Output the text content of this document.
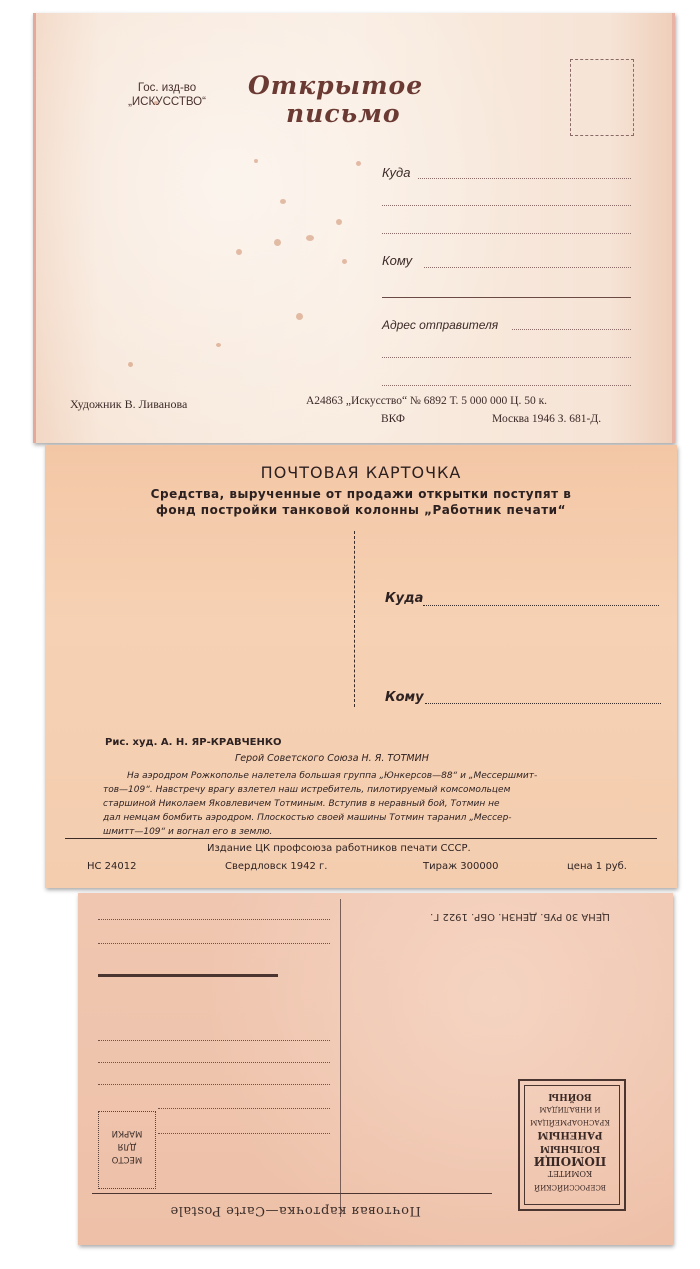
Гос. изд-во
„ИСКУССТВО“
Открытое
письмо
Куда
Кому
Адрес отправителя
Художник В. Ливанова	А24863 „Искусство“ № 6892 Т. 5 000 000 Ц. 50 к.
ВКФ	Москва 1946 З. 681-Д.
ПОЧТОВАЯ КАРТОЧКА
Средства, вырученные от продажи открытки поступят в
фонд постройки танковой колонны „Работник печати“
Куда
Кому
Рис. худ. А. Н. ЯР-КРАВЧЕНКО
Герой Советского Союза Н. Я. ТОТМИН
На аэродром Рожкополье налетела большая группа „Юнкерсов—88“ и „Мессершмит-
тов—109“. Навстречу врагу взлетел наш истребитель, пилотируемый комсомольцем
старшиной Николаем Яковлевичем Тотминым. Вступив в неравный бой, Тотмин не
дал немцам бомбить аэродром. Плоскостью своей машины Тотмин таранил „Мессер-
шмитт—109“ и вогнал его в землю.
Издание ЦК профсоюза работников печати СССР.
НС 24012	Свердловск 1942 г.	Тираж 300000	цена 1 руб.
ЦЕНА 30 РУБ. ДЕНЗН. ОБР. 1922 Г.
МЕСТО
ДЛЯ
МАРКИ
ВСЕРОССИЙСКИЙ
КОМИТЕТ
ПОМОЩИ
БОЛЬНЫМ
РАНЕНЫМ
КРАСНОАРМЕЙЦАМ
И ИНВАЛИДАМ
ВОЙНЫ
Почтовая карточка—Carte Postale
